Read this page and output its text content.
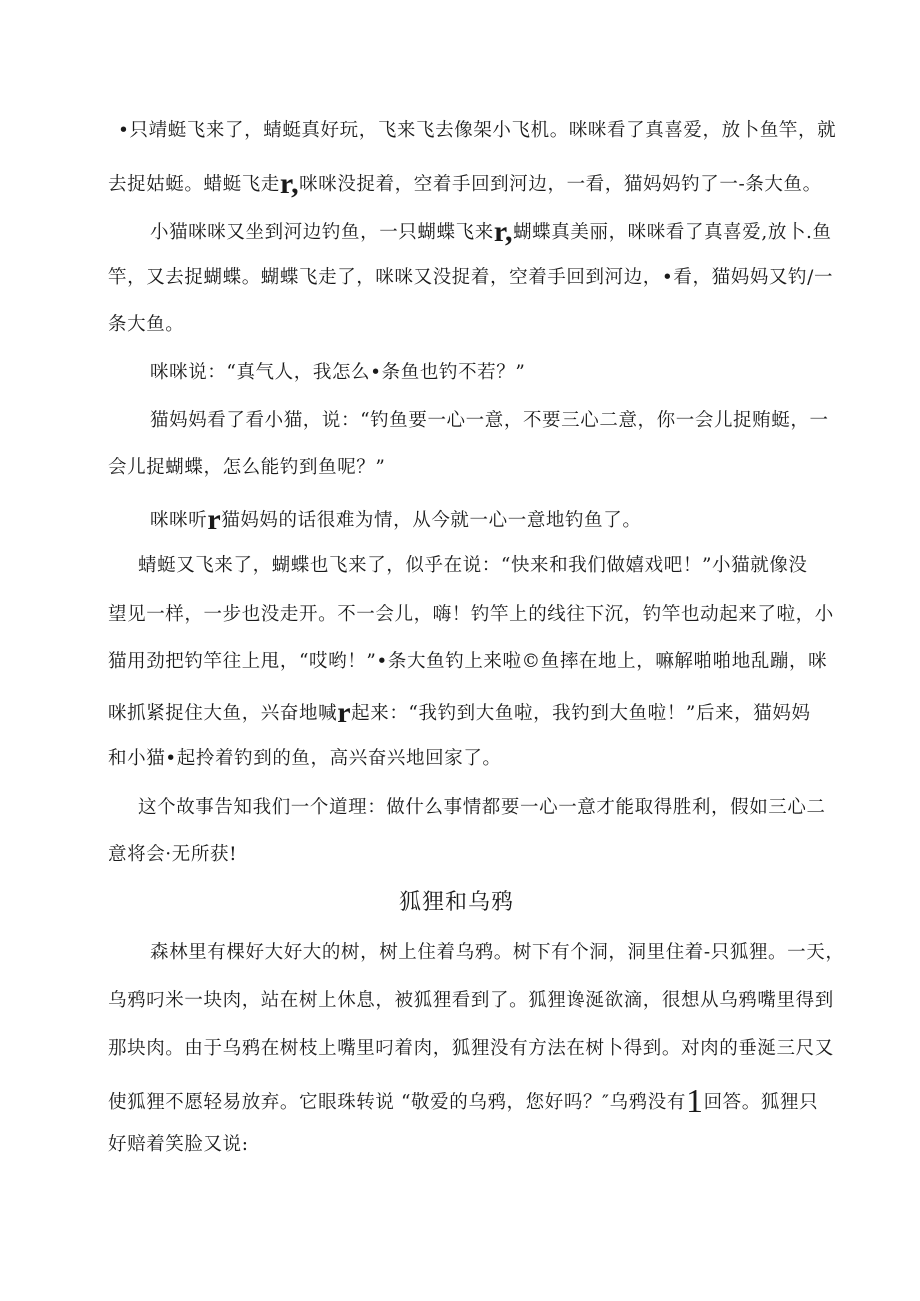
•只靖蜓飞来了，蜻蜓真好玩，飞来飞去像架小飞机。咪咪看了真喜爱，放卜鱼竿，就
去捉姑蜓。蜡蜓飞走r,咪咪没捉着，空着手回到河边，一看，猫妈妈钓了一-条大鱼。
小猫咪咪又坐到河边钓鱼，一只蝴蝶飞来r,蝴蝶真美丽，咪咪看了真喜爱,放卜.鱼
竿，又去捉蝴蝶。蝴蝶飞走了，咪咪又没捉着，空着手回到河边，•看，猫妈妈又钓/一
条大鱼。
咪咪说：“真气人，我怎么•条鱼也钓不若？”
猫妈妈看了看小猫，说：“钓鱼要一心一意，不要三心二意，你一会儿捉贿蜓，一
会儿捉蝴蝶，怎么能钓到鱼呢？”
咪咪听r猫妈妈的话很难为情，从今就一心一意地钓鱼了。
蜻蜓又飞来了，蝴蝶也飞来了，似乎在说：“快来和我们做嬉戏吧！”小猫就像没
望见一样，一步也没走开。不一会儿，嗨！钓竿上的线往下沉，钓竿也动起来了啦，小
猫用劲把钓竿往上甩，“哎哟！”•条大鱼钓上来啦©鱼摔在地上，嘛解啪啪地乱蹦，咪
咪抓紧捉住大鱼，兴奋地喊r起来：“我钓到大鱼啦，我钓到大鱼啦！”后来，猫妈妈
和小猫•起拎着钓到的鱼，高兴奋兴地回家了。
这个故事告知我们一个道理：做什么事情都要一心一意才能取得胜利，假如三心二
意将会·无所获!
狐狸和乌鸦
森林里有棵好大好大的树，树上住着乌鸦。树下有个洞，洞里住着-只狐狸。一天，
乌鸦叼米一块肉，站在树上休息，被狐狸看到了。狐狸谗涎欲滴，很想从乌鸦嘴里得到
那块肉。由于乌鸦在树枝上嘴里叼着肉，狐狸没有方法在树卜得到。对肉的垂涎三尺又
使狐狸不愿轻易放弃。它眼珠转说 “敬爱的乌鸦，您好吗？″乌鸦没有1回答。狐狸只
好赔着笑脸又说:
